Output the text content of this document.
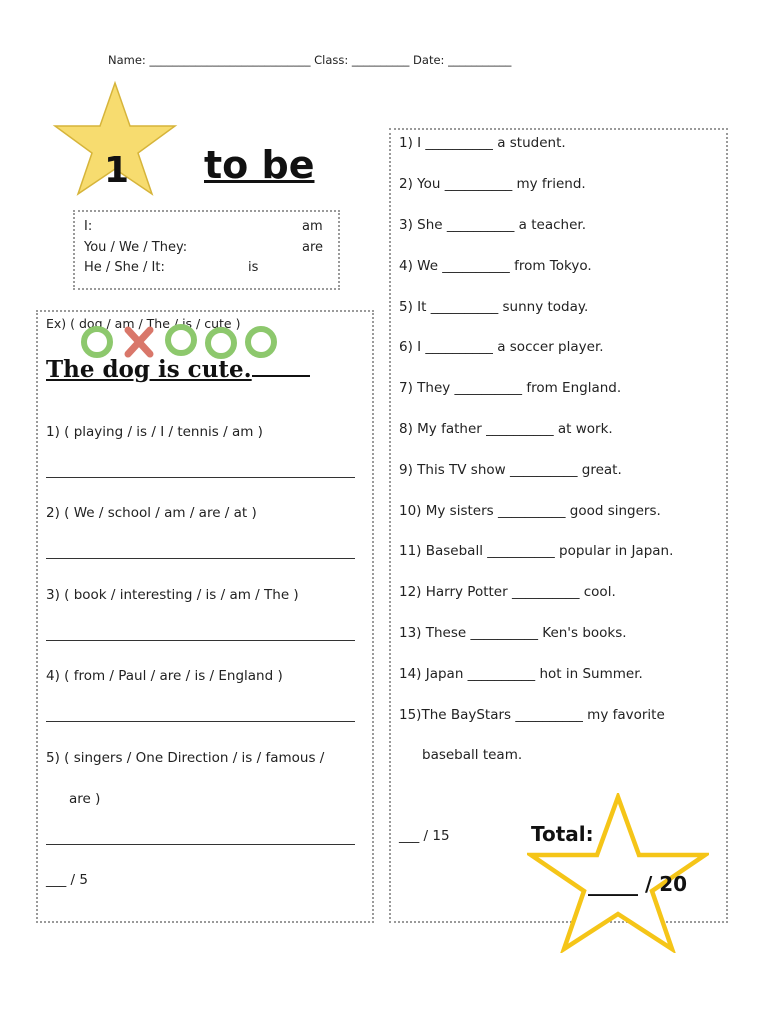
Name: ____________________________ Class: __________ Date: ___________
1 to be
I:	am
You / We / They:	are
He / She / It:	is
Ex) ( dog / am / The / is / cute )
The dog is cute.
1) ( playing / is / I / tennis / am )
2) ( We / school / am / are / at )
3) ( book / interesting / is / am / The )
4) ( from / Paul / are / is / England )
5) ( singers / One Direction / is / famous /
are )
___ / 5
1) I __________ a student.
2) You __________ my friend.
3) She __________ a teacher.
4) We __________ from Tokyo.
5) It __________ sunny today.
6) I __________ a soccer player.
7) They __________ from England.
8) My father __________ at work.
9) This TV show __________ great.
10) My sisters __________ good singers.
11) Baseball __________ popular in Japan.
12) Harry Potter __________ cool.
13) These __________ Ken's books.
14) Japan __________ hot in Summer.
15)The BayStars __________ my favorite
baseball team.
___ / 15	Total:
_____ / 20
